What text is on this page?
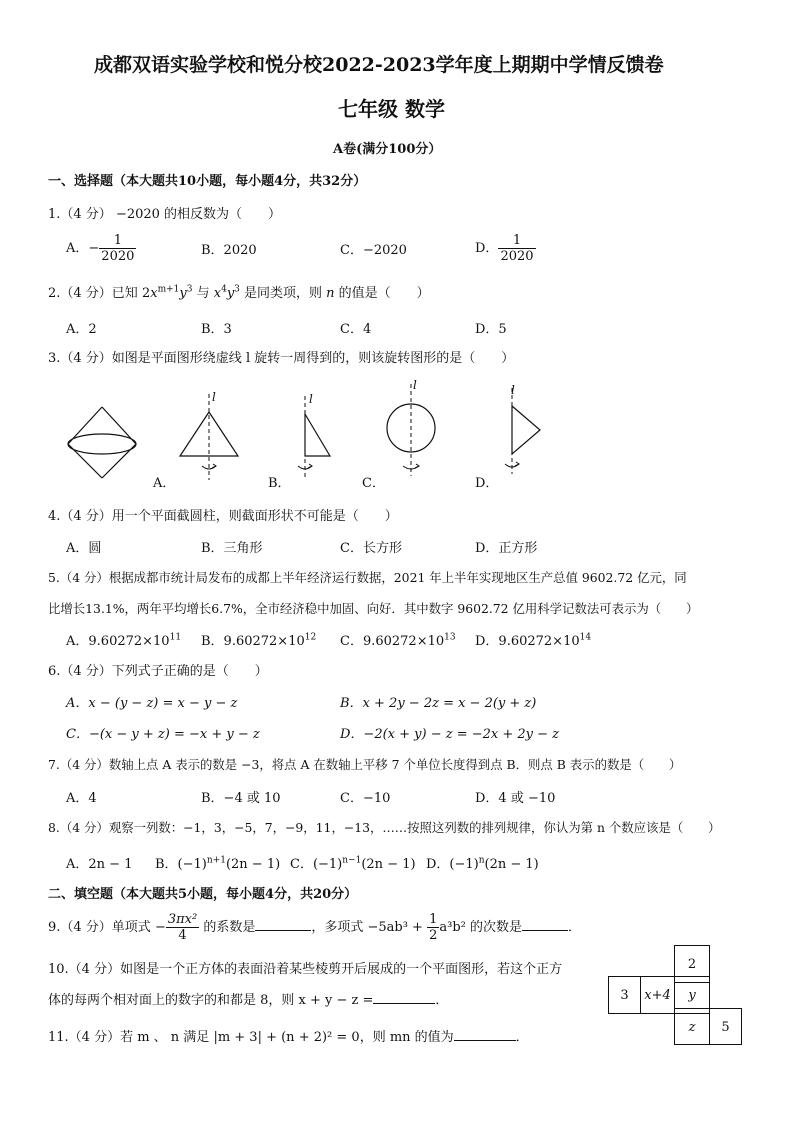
成都双语实验学校和悦分校2022-2023学年度上期期中学情反馈卷
七年级 数学
A卷(满分100分）
一、选择题（本大题共10小题，每小题4分，共32分）
1.（4 分） −2020 的相反数为（　　）
A．− $\frac{1}{2020}$	B．2020	C．−2020	D． $\frac{1}{2020}$
2.（4 分）已知 $2x^{m+1}y^3$ 与 $x^4y^3$ 是同类项，则 n 的值是（　　）
A．2	B．3	C．4	D．5
3.（4 分）如图是平面图形绕虚线 l 旋转一周得到的，则该旋转图形的是（　　）
l
A．
l
B．
l
C．
l
D．
4.（4 分）用一个平面截圆柱，则截面形状不可能是（　　）
A．圆	B．三角形	C．长方形	D．正方形
5.（4 分）根据成都市统计局发布的成都上半年经济运行数据，2021 年上半年实现地区生产总值 9602.72 亿元，同
比增长13.1%，两年平均增长6.7%，全市经济稳中加固、向好．其中数字 9602.72 亿用科学记数法可表示为（　　）
A．$9.60272\times 10^{11}$ B．$9.60272\times 10^{12}$ C．$9.60272\times 10^{13}$ D．$9.60272\times 10^{14}$
6.（4 分）下列式子正确的是（　　）
A．x − (y − z) = x − y − z	B．x + 2y − 2z = x − 2(y + z)
C．−(x − y + z) = −x + y − z	D．−2(x + y) − z = −2x + 2y − z
7.（4 分）数轴上点 A 表示的数是 −3，将点 A 在数轴上平移 7 个单位长度得到点 B．则点 B 表示的数是（　　）
A．4	B．−4 或 10	C．−10	D．4 或 −10
8.（4 分）观察一列数：−1，3，−5，7，−9，11，−13，……按照这列数的排列规律，你认为第 n 个数应该是（　　）
A．2n − 1 B．$(-1)^{n+1}(2n - 1)$ C．$(-1)^{n-1}(2n - 1)$ D．$(-1)^n(2n - 1)$
二、填空题（本大题共5小题，每小题4分，共20分）
9.（4 分）单项式 − $\frac{\text{3πx²}}{4}$ 的系数是	，多项式 $-5ab^3 + \frac{1}{2} a^3b^2$ 的次数是	．
10.（4 分）如图是一个正方体的表面沿着某些棱剪开后展成的一个平面图形，若这个正方
体的每两个相对面上的数字的和都是 8，则 x + y − z =	．
2
3	x+4	y
z	5
11.（4 分）若 m 、 n 满足 |m + 3| + (n + 2)² = 0，则 mn 的值为	．
